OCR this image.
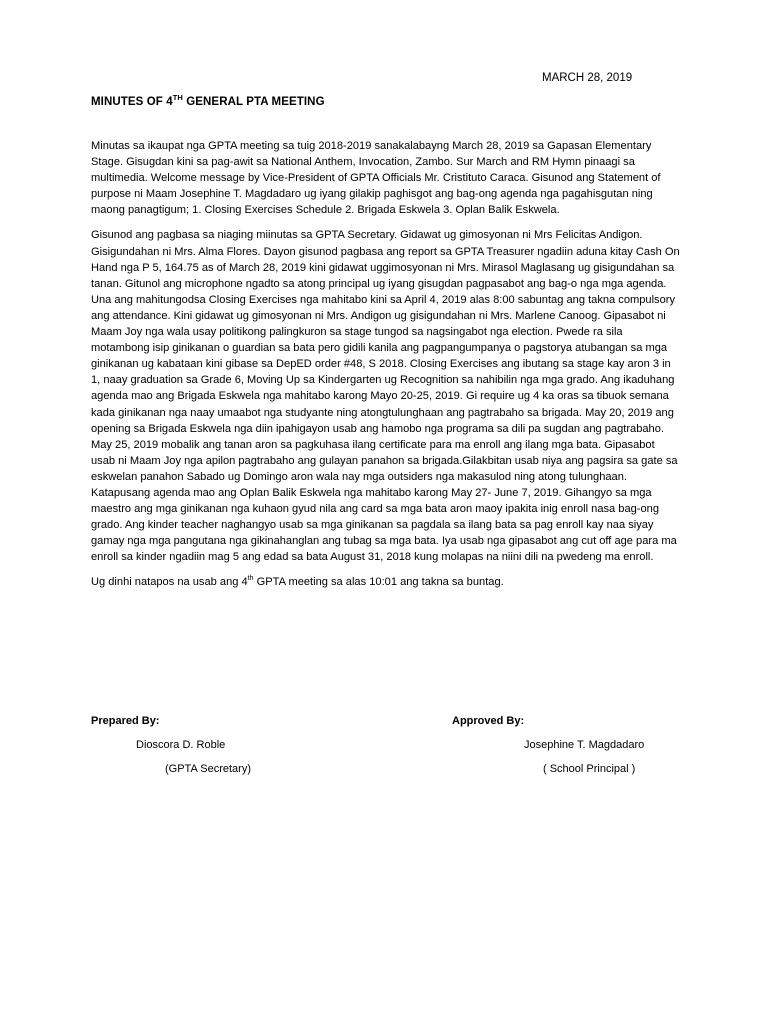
MARCH 28, 2019
MINUTES OF 4TH GENERAL PTA MEETING

Minutas sa ikaupat nga GPTA meeting sa tuig 2018-2019 sanakalabayng March 28, 2019 sa Gapasan Elementary Stage. Gisugdan kini sa pag-awit sa National Anthem, Invocation, Zambo. Sur March and RM Hymn pinaagi sa multimedia. Welcome message by Vice-President of GPTA Officials Mr. Cristituto Caraca. Gisunod ang Statement of purpose ni Maam Josephine T. Magdadaro ug iyang gilakip paghisgot ang bag-ong agenda nga pagahisgutan ning maong panagtigum; 1. Closing Exercises Schedule 2. Brigada Eskwela 3. Oplan Balik Eskwela.

Gisunod ang pagbasa sa niaging miinutas sa GPTA Secretary. Gidawat ug gimosyonan ni Mrs Felicitas Andigon. Gisigundahan ni Mrs. Alma Flores. Dayon gisunod pagbasa ang report sa GPTA Treasurer ngadiin aduna kitay Cash On Hand nga P 5, 164.75 as of March 28, 2019 kini gidawat uggimosyonan ni Mrs. Mirasol Maglasang ug gisigundahan sa tanan. Gitunol ang microphone ngadto sa atong principal ug iyang gisugdan pagpasabot ang bag-o nga mga agenda. Una ang mahitungodsa Closing Exercises nga mahitabo kini sa April 4, 2019 alas 8:00 sabuntag ang takna compulsory ang attendance. Kini gidawat ug gimosyonan ni Mrs. Andigon ug gisigundahan ni Mrs. Marlene Canoog. Gipasabot ni Maam Joy nga wala usay politikong palingkuron sa stage tungod sa nagsingabot nga election. Pwede ra sila motambong isip ginikanan o guardian sa bata pero gidili kanila ang pagpangumpanya o pagstorya atubangan sa mga ginikanan ug kabataan kini gibase sa DepED order #48, S 2018. Closing Exercises ang ibutang sa stage kay aron 3 in 1, naay graduation sa Grade 6, Moving Up sa Kindergarten ug Recognition sa nahibilin nga mga grado. Ang ikaduhang agenda mao ang Brigada Eskwela nga mahitabo karong Mayo 20-25, 2019. Gi require ug 4 ka oras sa tibuok semana kada ginikanan nga naay umaabot nga studyante ning atongtulunghaan ang pagtrabaho sa brigada. May 20, 2019 ang opening sa Brigada Eskwela nga diin ipahigayon usab ang hamobo nga programa sa dili pa sugdan ang pagtrabaho. May 25, 2019 mobalik ang tanan aron sa pagkuhasa ilang certificate para ma enroll ang ilang mga bata. Gipasabot usab ni Maam Joy nga apilon pagtrabaho ang gulayan panahon sa brigada.Gilakbitan usab niya ang pagsira sa gate sa eskwelan panahon Sabado ug Domingo aron wala nay mga outsiders nga makasulod ning atong tulunghaan. Katapusang agenda mao ang Oplan Balik Eskwela nga mahitabo karong May 27- June 7, 2019. Gihangyo sa mga maestro ang mga ginikanan nga kuhaon gyud nila ang card sa mga bata aron maoy ipakita inig enroll nasa bag-ong grado. Ang kinder teacher naghangyo usab sa mga ginikanan sa pagdala sa ilang bata sa pag enroll kay naa siyay gamay nga mga pangutana nga gikinahanglan ang tubag sa mga bata. Iya usab nga gipasabot ang cut off age para ma enroll sa kinder ngadiin mag 5 ang edad sa bata August 31, 2018 kung molapas na niini dili na pwedeng ma enroll.

Ug dinhi natapos na usab ang 4th GPTA meeting sa alas 10:01 ang takna sa buntag.

Prepared By:
Dioscora D. Roble
(GPTA Secretary)
Approved By:
Josephine T. Magdadaro
( School Principal )
